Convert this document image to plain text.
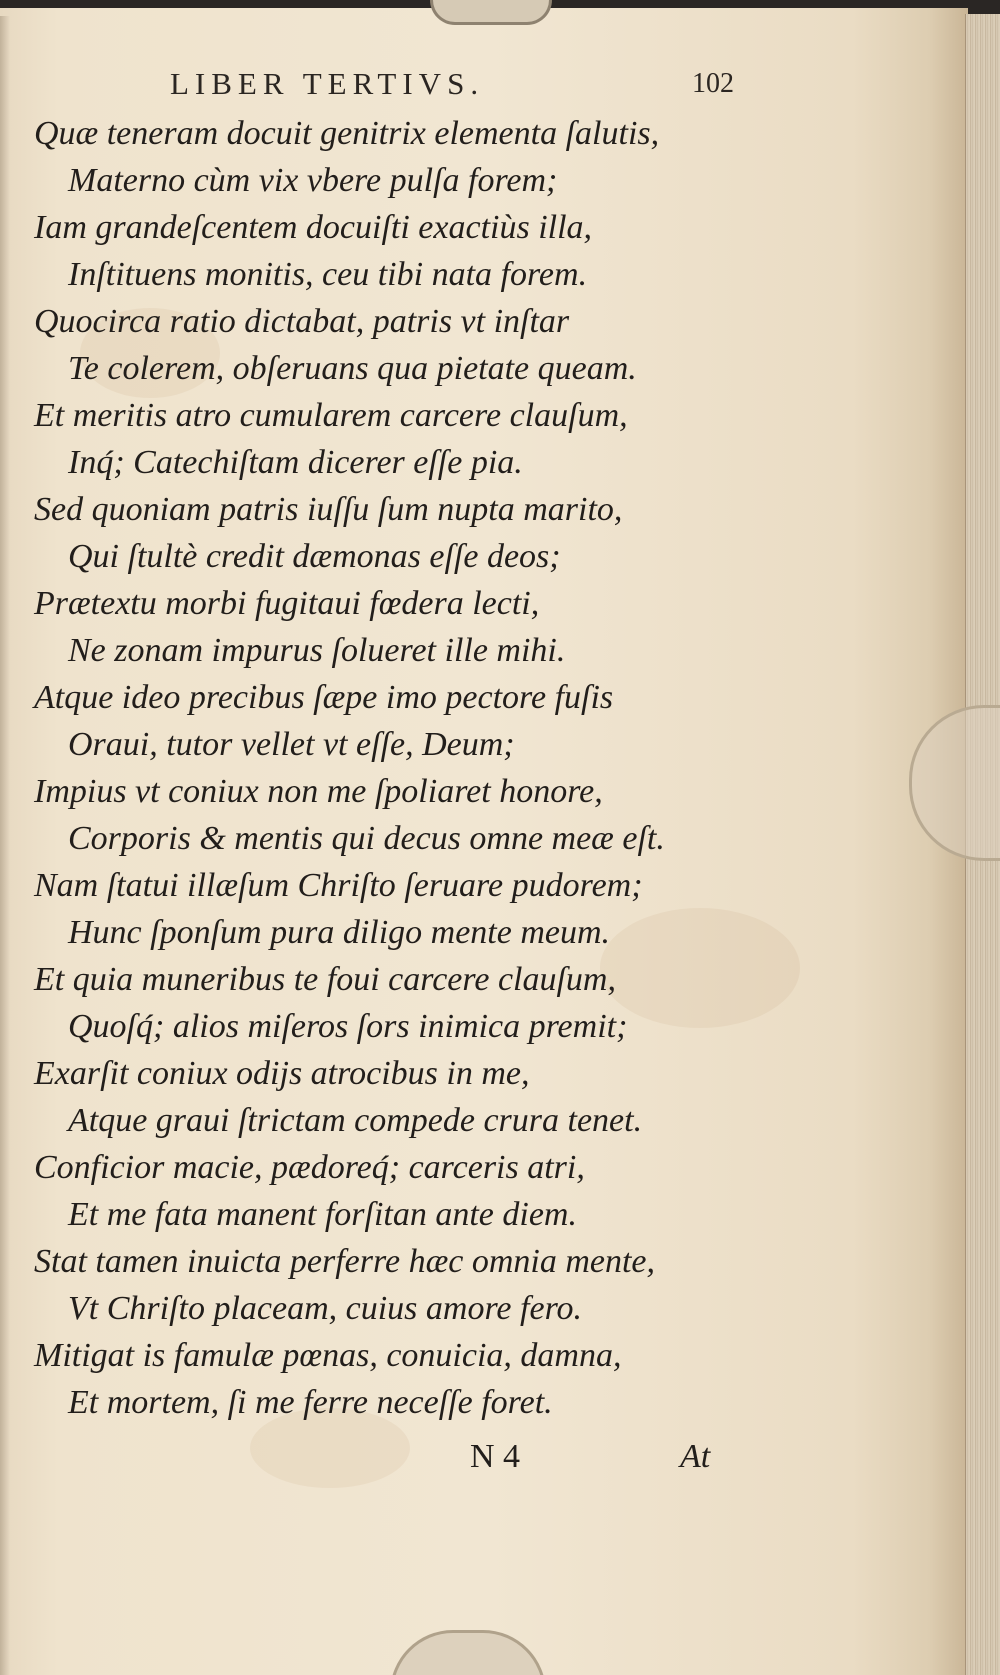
LIBER TERTIVS.	102
Quæ teneram docuit genitrix elementa ſalutis,
Materno cùm vix vbere pulſa forem;
Iam grandeſcentem docuiſti exactiùs illa,
Inſtituens monitis, ceu tibi nata forem.
Quocirca ratio dictabat, patris vt inſtar
Te colerem, obſeruans qua pietate queam.
Et meritis atro cumularem carcere clauſum,
Inq́; Catechiſtam dicerer eſſe pia.
Sed quoniam patris iuſſu ſum nupta marito,
Qui ſtultè credit dæmonas eſſe deos;
Prætextu morbi fugitaui fœdera lecti,
Ne zonam impurus ſolueret ille mihi.
Atque ideo precibus ſæpe imo pectore fuſis
Oraui, tutor vellet vt eſſe, Deum;
Impius vt coniux non me ſpoliaret honore,
Corporis & mentis qui decus omne meæ eſt.
Nam ſtatui illæſum Chriſto ſeruare pudorem;
Hunc ſponſum pura diligo mente meum.
Et quia muneribus te foui carcere clauſum,
Quoſq́; alios miſeros ſors inimica premit;
Exarſit coniux odijs atrocibus in me,
Atque graui ſtrictam compede crura tenet.
Conficior macie, pædoreq́; carceris atri,
Et me fata manent forſitan ante diem.
Stat tamen inuicta perferre hæc omnia mente,
Vt Chriſto placeam, cuius amore fero.
Mitigat is famulæ pœnas, conuicia, damna,
Et mortem, ſi me ferre neceſſe foret.
N 4	At
